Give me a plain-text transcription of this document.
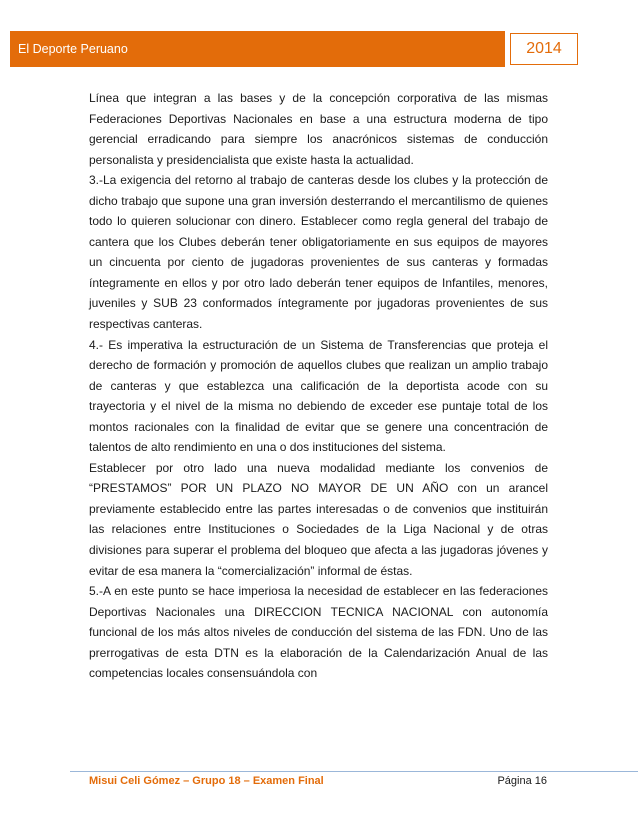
El Deporte Peruano	2014

Línea que integran a las bases y de la concepción corporativa de las mismas Federaciones Deportivas Nacionales en base a una estructura moderna de tipo gerencial erradicando para siempre los anacrónicos sistemas de conducción personalista y presidencialista que existe hasta la actualidad.

3.-La exigencia del retorno al trabajo de canteras desde los clubes y la protección de dicho trabajo que supone una gran inversión desterrando el mercantilismo de quienes todo lo quieren solucionar con dinero. Establecer como regla general del trabajo de cantera que los Clubes deberán tener obligatoriamente en sus equipos de mayores un cincuenta por ciento de jugadoras provenientes de sus canteras y formadas íntegramente en ellos y por otro lado deberán tener equipos de Infantiles, menores, juveniles y SUB 23 conformados íntegramente por jugadoras provenientes de sus respectivas canteras.

4.- Es imperativa la estructuración de un Sistema de Transferencias que proteja el derecho de formación y promoción de aquellos clubes que realizan un amplio trabajo de canteras y que establezca una calificación de la deportista acode con su trayectoria y el nivel de la misma no debiendo de exceder ese puntaje total de los montos racionales con la finalidad de evitar que se genere una concentración de talentos de alto rendimiento en una o dos instituciones del sistema.

Establecer por otro lado una nueva modalidad mediante los convenios de “PRESTAMOS” POR UN PLAZO NO MAYOR DE UN AÑO con un arancel previamente establecido entre las partes interesadas o de convenios que instituirán las relaciones entre Instituciones o Sociedades de la Liga Nacional y de otras divisiones para superar el problema del bloqueo que afecta a las jugadoras jóvenes y evitar de esa manera la “comercialización” informal de éstas.

5.-A en este punto se hace imperiosa la necesidad de establecer en las federaciones Deportivas Nacionales una DIRECCION TECNICA NACIONAL con autonomía funcional de los más altos niveles de conducción del sistema de las FDN. Uno de las prerrogativas de esta DTN es la elaboración de la Calendarización Anual de las competencias locales consensuándola con

Misui Celi Gómez – Grupo 18 – Examen Final	Página 16
